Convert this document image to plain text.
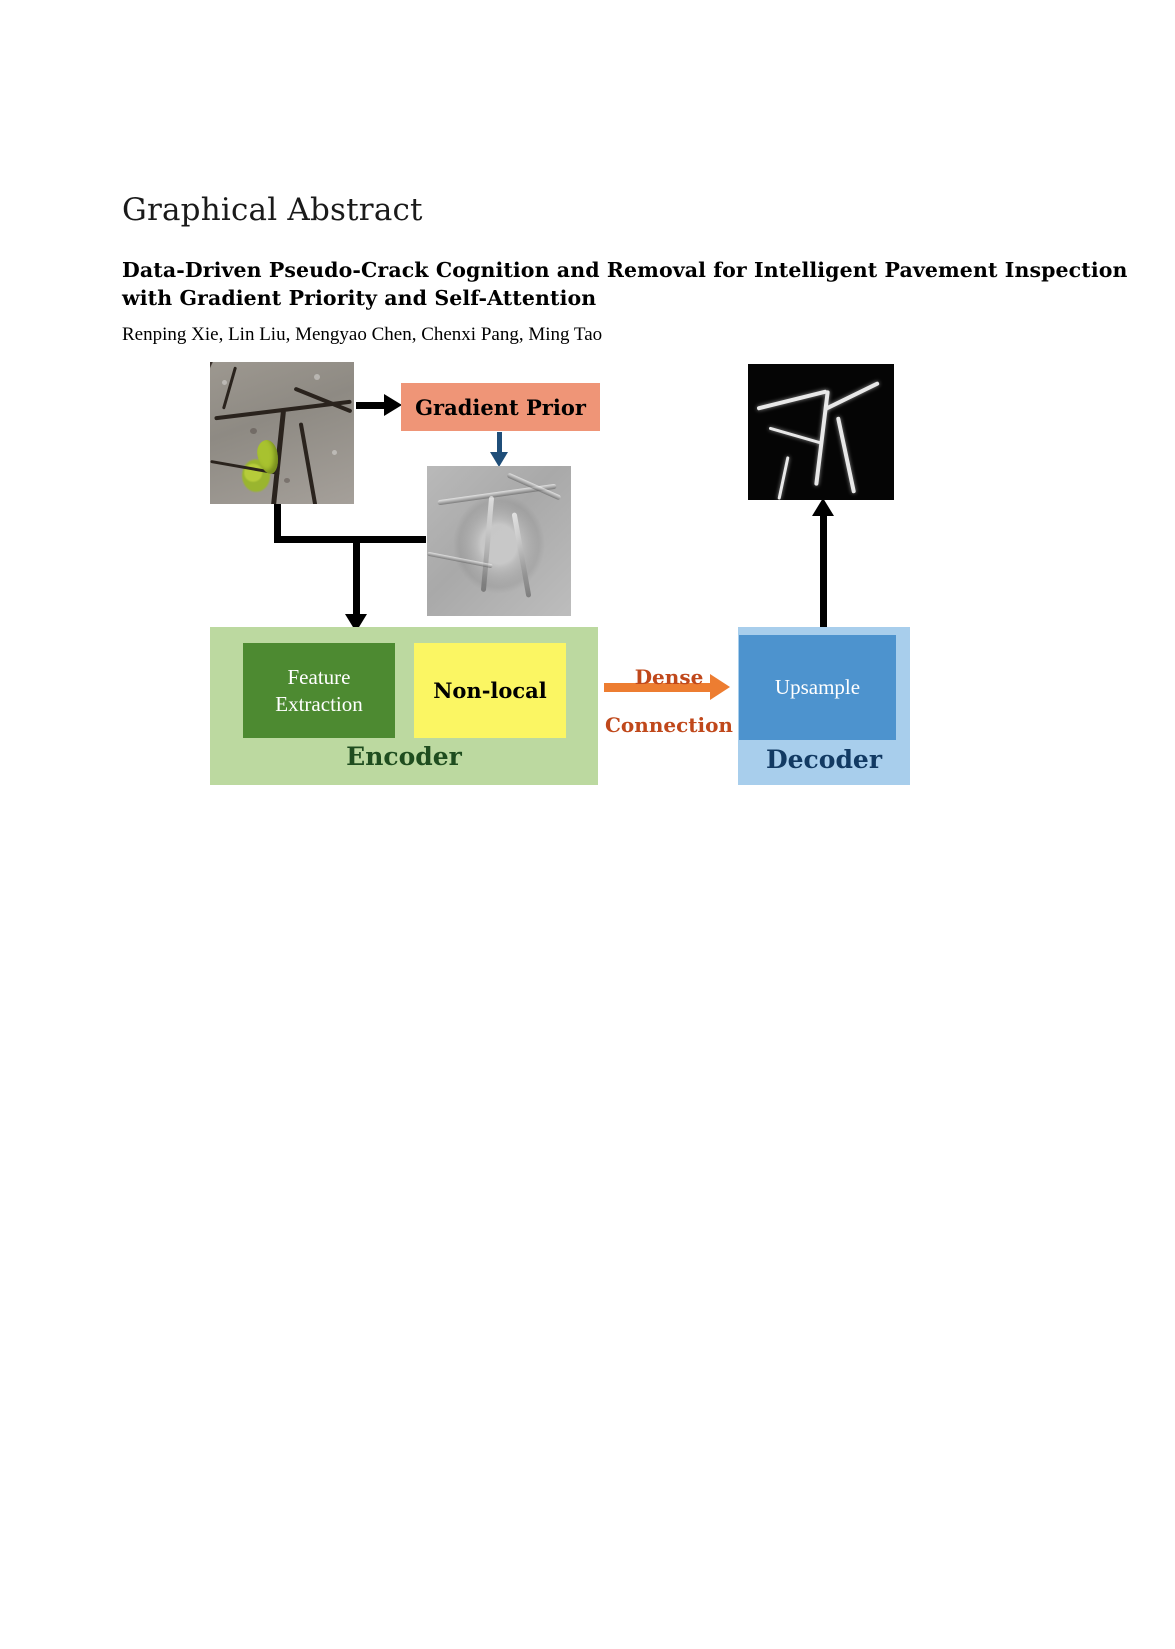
Graphical Abstract
Data-Driven Pseudo-Crack Cognition and Removal for Intelligent Pavement Inspection with Gradient Priority and Self-Attention
Renping Xie, Lin Liu, Mengyao Chen, Chenxi Pang, Ming Tao
Gradient Prior
Encoder
Feature
Extraction
Non-local
Dense
Connection
Decoder
Upsample
